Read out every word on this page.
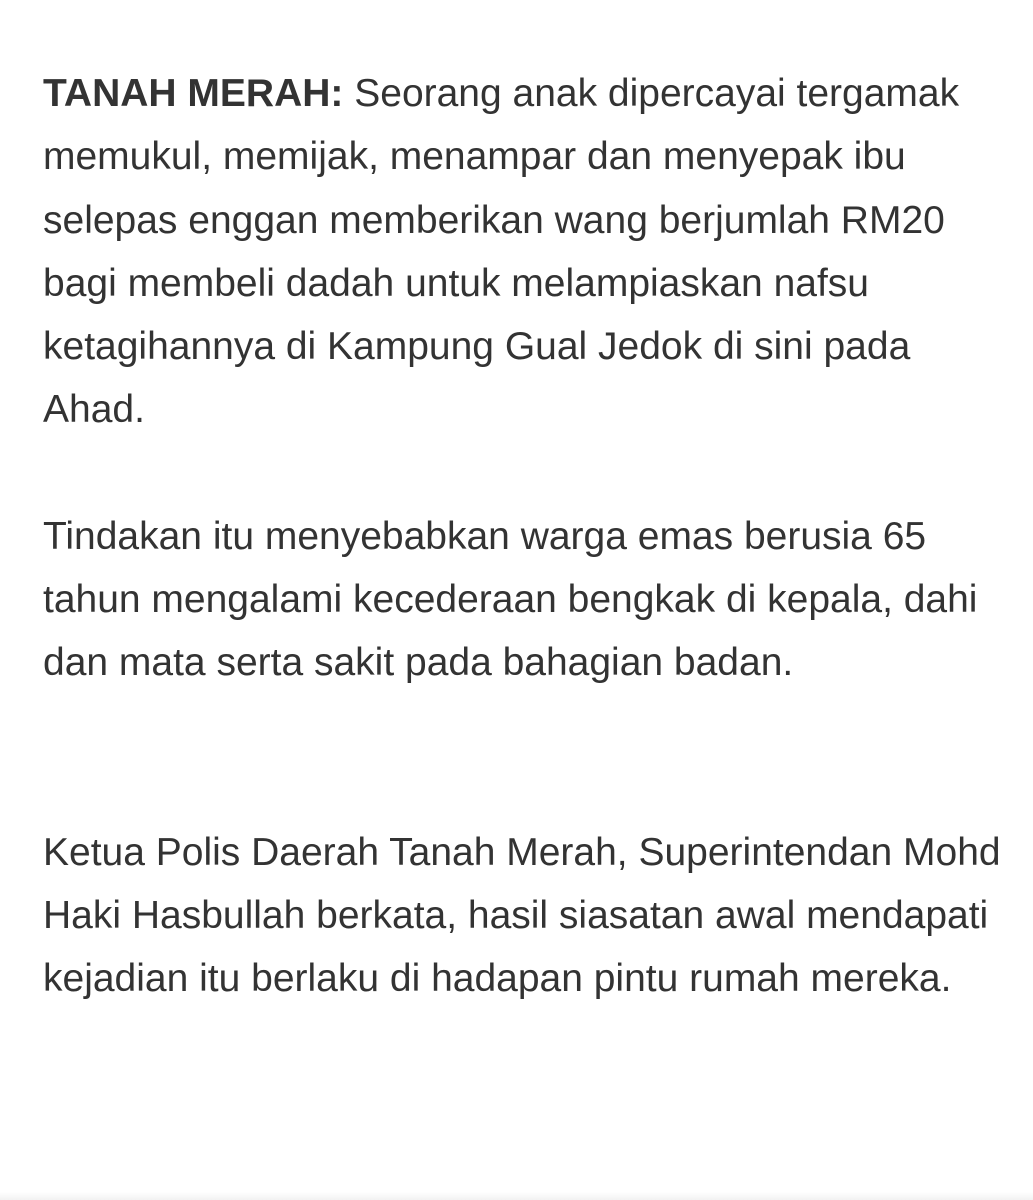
TANAH MERAH: Seorang anak dipercayai tergamak memukul, memijak, menampar dan menyepak ibu selepas enggan memberikan wang berjumlah RM20 bagi membeli dadah untuk melampiaskan nafsu ketagihannya di Kampung Gual Jedok di sini pada Ahad.

Tindakan itu menyebabkan warga emas berusia 65 tahun mengalami kecederaan bengkak di kepala, dahi dan mata serta sakit pada bahagian badan.

Ketua Polis Daerah Tanah Merah, Superintendan Mohd Haki Hasbullah berkata, hasil siasatan awal mendapati kejadian itu berlaku di hadapan pintu rumah mereka.
